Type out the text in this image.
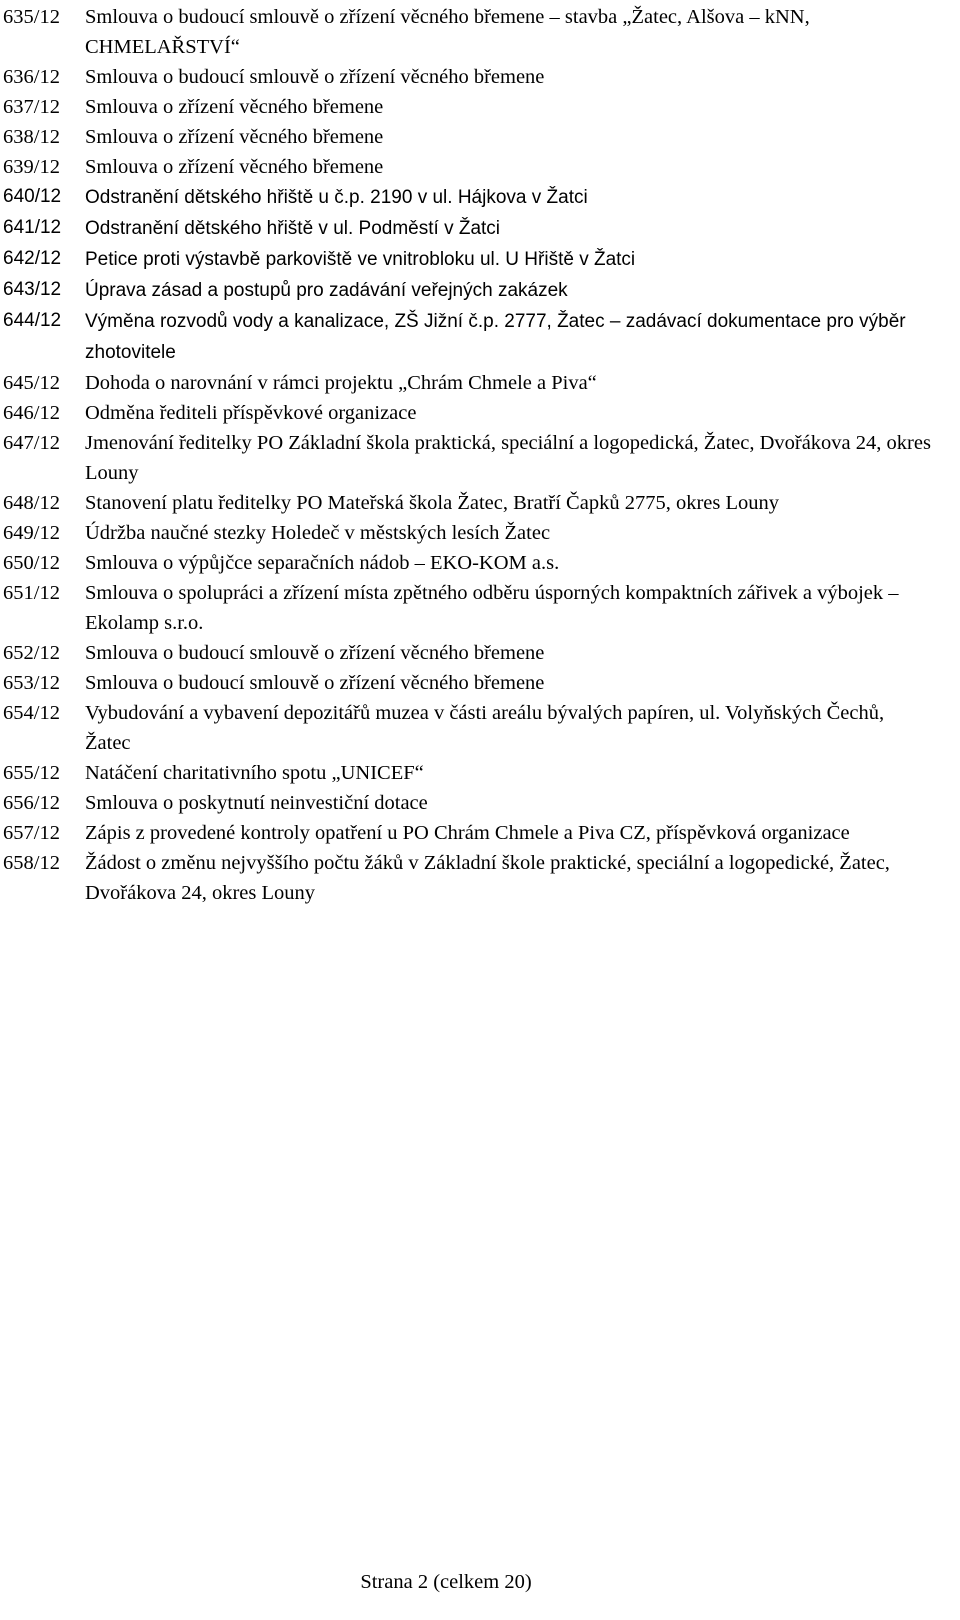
635/12	Smlouva o budoucí smlouvě o zřízení věcného břemene – stavba „Žatec, Alšova – kNN, CHMELAŘSTVÍ“
636/12	Smlouva o budoucí smlouvě o zřízení věcného břemene
637/12	Smlouva o zřízení věcného břemene
638/12	Smlouva o zřízení věcného břemene
639/12	Smlouva o zřízení věcného břemene
640/12	Odstranění dětského hřiště u č.p. 2190 v ul. Hájkova v Žatci
641/12	Odstranění dětského hřiště v ul. Podměstí v Žatci
642/12	Petice proti výstavbě parkoviště ve vnitrobloku ul. U Hřiště v Žatci
643/12	Úprava zásad a postupů pro zadávání veřejných zakázek
644/12	Výměna rozvodů vody a kanalizace, ZŠ Jižní č.p. 2777, Žatec – zadávací dokumentace pro výběr zhotovitele
645/12	Dohoda o narovnání v rámci projektu „Chrám Chmele a Piva“
646/12	Odměna řediteli příspěvkové organizace
647/12	Jmenování ředitelky PO Základní škola praktická, speciální a logopedická, Žatec, Dvořákova 24, okres Louny
648/12	Stanovení platu ředitelky PO Mateřská škola Žatec, Bratří Čapků 2775, okres Louny
649/12	Údržba naučné stezky Holedeč v městských lesích Žatec
650/12	Smlouva o výpůjčce separačních nádob – EKO-KOM a.s.
651/12	Smlouva o spolupráci a zřízení místa zpětného odběru úsporných kompaktních zářivek a výbojek – Ekolamp s.r.o.
652/12	Smlouva o budoucí smlouvě o zřízení věcného břemene
653/12	Smlouva o budoucí smlouvě o zřízení věcného břemene
654/12	Vybudování a vybavení depozitářů muzea v části areálu bývalých papíren, ul. Volyňských Čechů, Žatec
655/12	Natáčení charitativního spotu „UNICEF“
656/12	Smlouva o poskytnutí neinvestiční dotace
657/12	Zápis z provedené kontroly opatření u PO Chrám Chmele a Piva CZ, příspěvková organizace
658/12	Žádost o změnu nejvyššího počtu žáků v Základní škole praktické, speciální a logopedické, Žatec, Dvořákova 24, okres Louny
Strana 2 (celkem 20)
